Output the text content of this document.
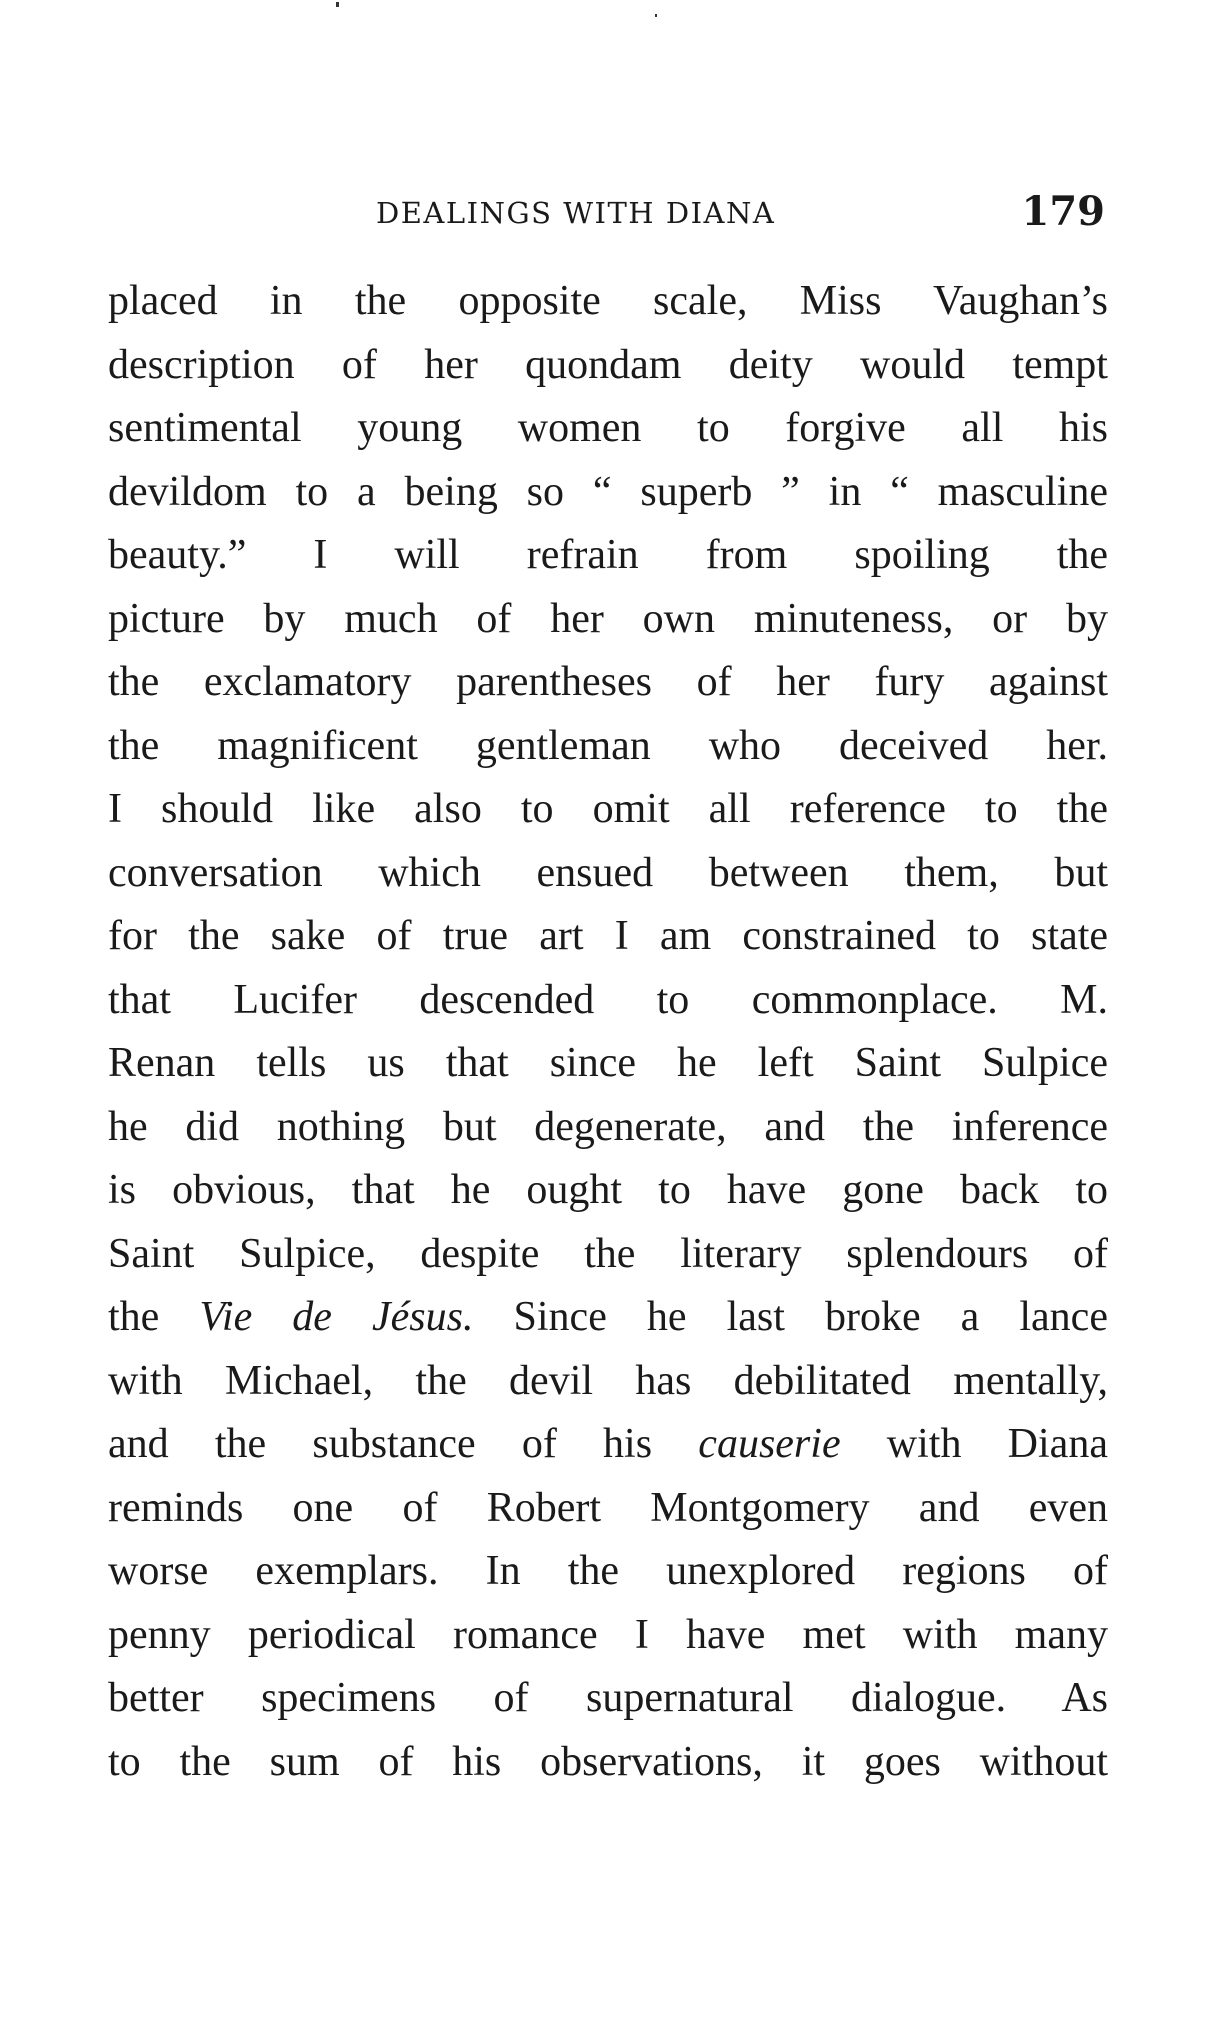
DEALINGS WITH DIANA	179
placed in the opposite scale, Miss Vaughan’s
description of her quondam deity would tempt
sentimental young women to forgive all his
devildom to a being so “ superb ” in “ masculine
beauty.” I will refrain from spoiling the
picture by much of her own minuteness, or by
the exclamatory parentheses of her fury against
the magnificent gentleman who deceived her.
I should like also to omit all reference to the
conversation which ensued between them, but
for the sake of true art I am constrained to state
that Lucifer descended to commonplace. M.
Renan tells us that since he left Saint Sulpice
he did nothing but degenerate, and the inference
is obvious, that he ought to have gone back to
Saint Sulpice, despite the literary splendours of
the Vie de Jésus. Since he last broke a lance
with Michael, the devil has debilitated mentally,
and the substance of his causerie with Diana
reminds one of Robert Montgomery and even
worse exemplars. In the unexplored regions of
penny periodical romance I have met with many
better specimens of supernatural dialogue. As
to the sum of his observations, it goes without
